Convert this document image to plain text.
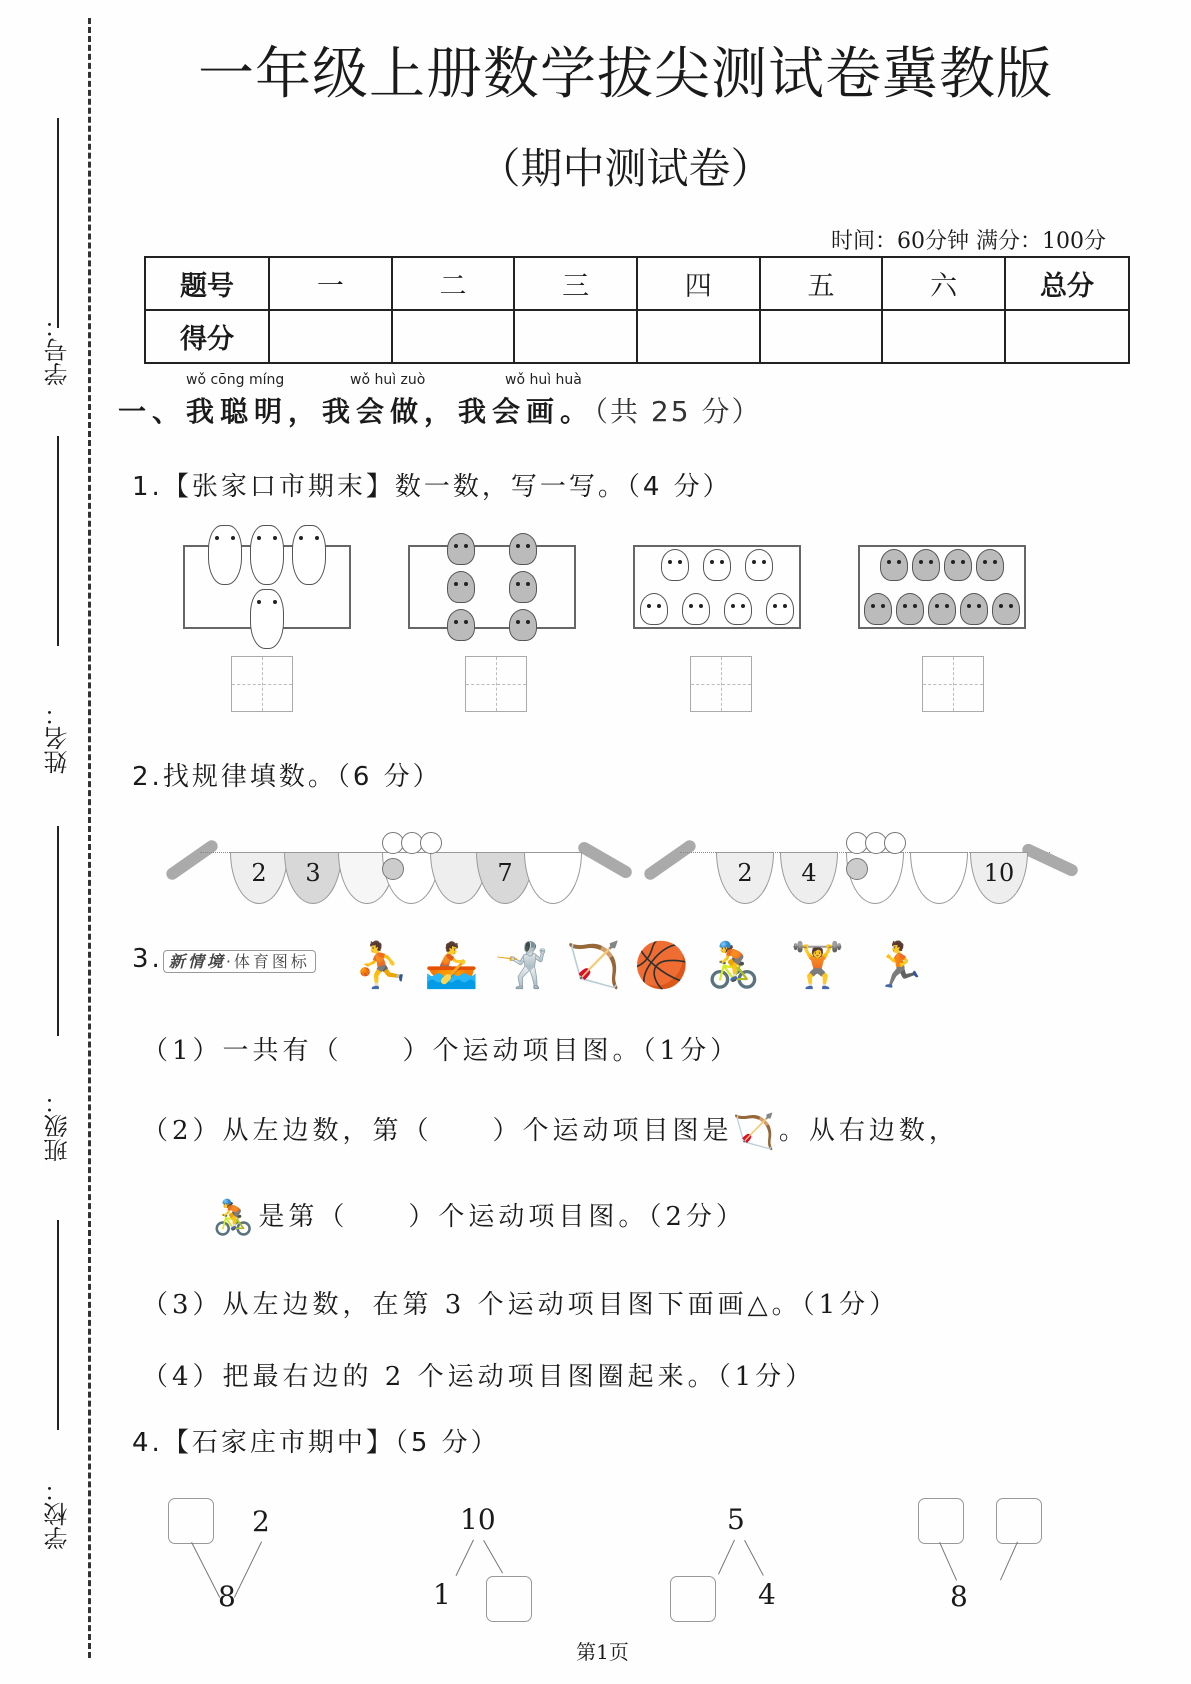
学号：
姓名：
班级：
学校：
一年级上册数学拔尖测试卷冀教版
（期中测试卷）
时间：60分钟 满分：100分
题号	一	二	三	四	五	六	总分
得分							
wǒ cōng míng	wǒ huì zuò	wǒ huì huà
一、我聪明，我会做，我会画。（共 25 分）
1.【张家口市期末】数一数，写一写。（4 分）
2.找规律填数。（6 分）
2	3	7	2	4	10
3. 新情境·体育图标 ⛹ 🚣 🤺 🏹 🏀 🚴 🏋 🏃
（1）一共有（　　）个运动项目图。（1分）
（2）从左边数，第（　　）个运动项目图是🏹。从右边数，
🚴是第（　　）个运动项目图。（2分）
（3）从左边数，在第 3 个运动项目图下面画△。（1分）
（4）把最右边的 2 个运动项目图圈起来。（1分）
4.【石家庄市期中】（5 分）
2
8
10
1
5
4	8
第1页
